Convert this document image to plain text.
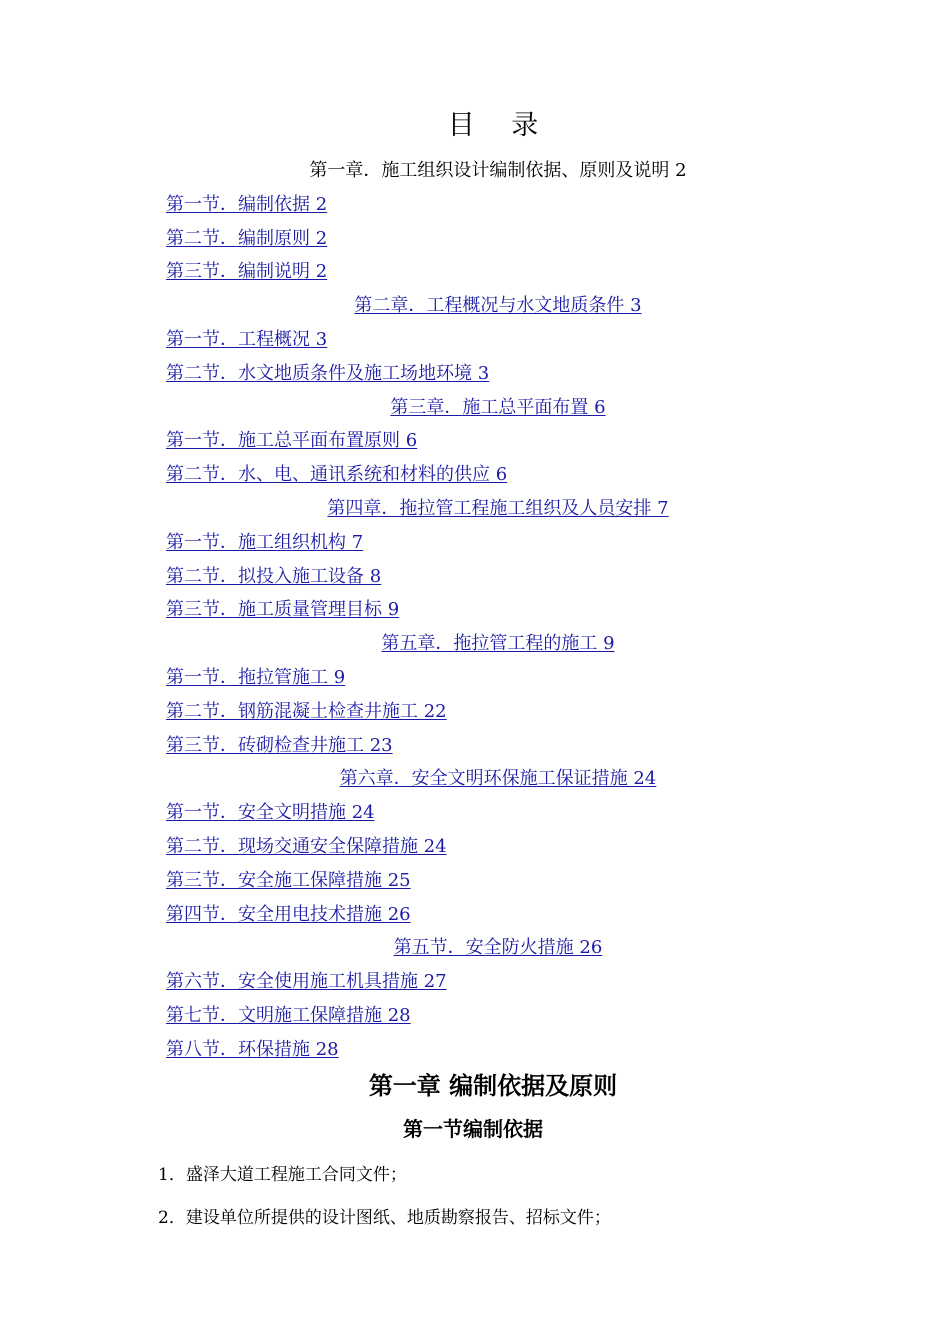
目 录
第一章．施工组织设计编制依据、原则及说明 2
第一节．编制依据 2
第二节．编制原则 2
第三节．编制说明 2
第二章．工程概况与水文地质条件 3
第一节．工程概况 3
第二节．水文地质条件及施工场地环境 3
第三章．施工总平面布置 6
第一节．施工总平面布置原则 6
第二节．水、电、通讯系统和材料的供应 6
第四章．拖拉管工程施工组织及人员安排 7
第一节．施工组织机构 7
第二节．拟投入施工设备 8
第三节．施工质量管理目标 9
第五章．拖拉管工程的施工 9
第一节．拖拉管施工 9
第二节．钢筋混凝土检查井施工 22
第三节．砖砌检查井施工 23
第六章．安全文明环保施工保证措施 24
第一节．安全文明措施 24
第二节．现场交通安全保障措施 24
第三节．安全施工保障措施 25
第四节．安全用电技术措施 26
第五节．安全防火措施 26
第六节．安全使用施工机具措施 27
第七节．文明施工保障措施 28
第八节．环保措施 28
第一章 编制依据及原则
第一节编制依据
1．盛泽大道工程施工合同文件；
2．建设单位所提供的设计图纸、地质勘察报告、招标文件；
